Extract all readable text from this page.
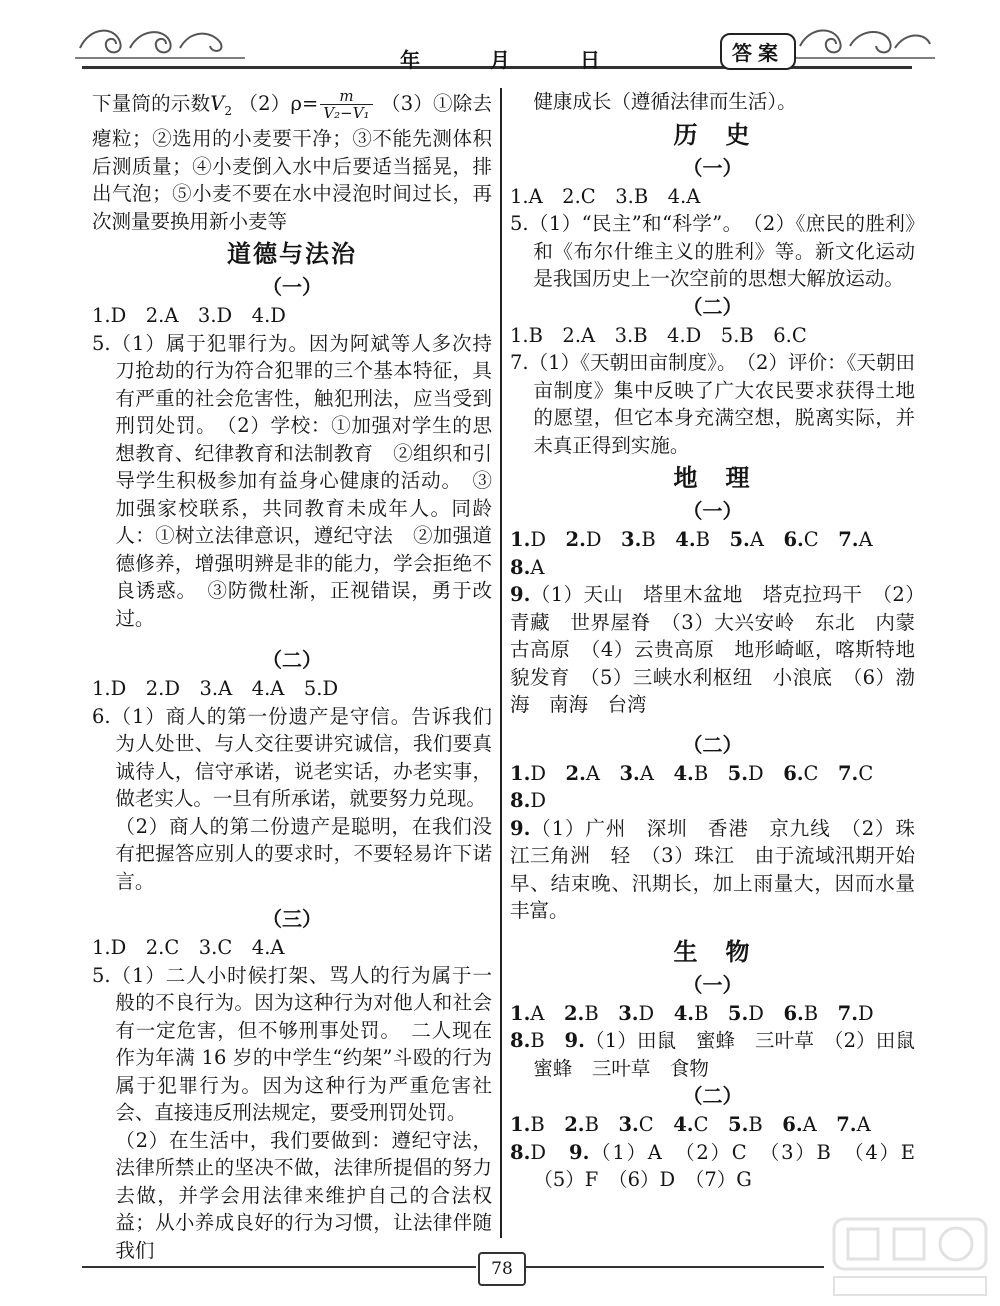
年	月	日	答案

下量筒的示数$V_2$ $(2)\rho= \frac{m}{\text{V₂−V₁}}$ （3）①除去瘪粒；②选用的小麦要干净；③不能先测体积后测质量；④小麦倒入水中后要适当摇晃，排出气泡；⑤小麦不要在水中浸泡时间过长，再次测量要换用新小麦等

道德与法治

（一）

1.D　2.A　3.D　4.D

5.（1）属于犯罪行为。因为阿斌等人多次持刀抢劫的行为符合犯罪的三个基本特征，具有严重的社会危害性，触犯刑法，应当受到刑罚处罚。　（2）学校：①加强对学生的思想教育、纪律教育和法制教育　②组织和引导学生积极参加有益身心健康的活动。　③加强家校联系，共同教育未成年人。同龄人：①树立法律意识，遵纪守法　②加强道德修养，增强明辨是非的能力，学会拒绝不良诱惑。　③防微杜渐，正视错误，勇于改过。

（二）

1.D　2.D　3.A　4.A　5.D

6.（1）商人的第一份遗产是守信。告诉我们为人处世、与人交往要讲究诚信，我们要真诚待人，信守承诺，说老实话，办老实事，做老实人。一旦有所承诺，就要努力兑现。

（2）商人的第二份遗产是聪明，在我们没有把握答应别人的要求时，不要轻易许下诺言。

（三）

1.D　2.C　3.C　4.A

5.（1）二人小时候打架、骂人的行为属于一般的不良行为。因为这种行为对他人和社会有一定危害，但不够刑事处罚。　二人现在作为年满 16 岁的中学生“约架”斗殴的行为属于犯罪行为。因为这种行为严重危害社会、直接违反刑法规定，要受刑罚处罚。

（2）在生活中，我们要做到：遵纪守法，法律所禁止的坚决不做，法律所提倡的努力去做，并学会用法律来维护自己的合法权益；从小养成良好的行为习惯，让法律伴随我们

健康成长（遵循法律而生活）。

历　史

（一）

1.A　2.C　3.B　4.A

5.（1）“民主”和“科学”。　（2）《庶民的胜利》和《布尔什维主义的胜利》等。新文化运动是我国历史上一次空前的思想大解放运动。

（二）

1.B　2.A　3.B　4.D　5.B　6.C

7.（1）《天朝田亩制度》。　（2）评价：《天朝田亩制度》集中反映了广大农民要求获得土地的愿望，但它本身充满空想，脱离实际，并未真正得到实施。

地　理

（一）

1.D　 2.D　 3.B　 4.B　 5.A　 6.C　 7.A

8.A

9.（1）天山　塔里木盆地　塔克拉玛干　（2）青藏　世界屋脊　（3）大兴安岭　东北　内蒙古高原　（4）云贵高原　地形崎岖，喀斯特地貌发育　（5）三峡水利枢纽　小浪底　（6）渤海　南海　台湾

（二）

1.D　 2.A　 3.A　 4.B　 5.D　 6.C　 7.C

8.D

9.（1）广州　深圳　香港　京九线　（2）珠江三角洲　轻　（3）珠江　由于流域汛期开始早、结束晚、汛期长，加上雨量大，因而水量丰富。

生　物

（一）

1.A　 2.B　 3.D　 4.B　 5.D　 6.B　 7.D

8.B　 9.（1）田鼠　蜜蜂　三叶草　（2）田鼠　蜜蜂　三叶草　食物

（二）

1.B　 2.B　 3.C　 4.C　 5.B　 6.A　 7.A

8.D　 9.（1）A　（2）C　（3）B　（4）E　（5）F　（6）D　（7）G

78
